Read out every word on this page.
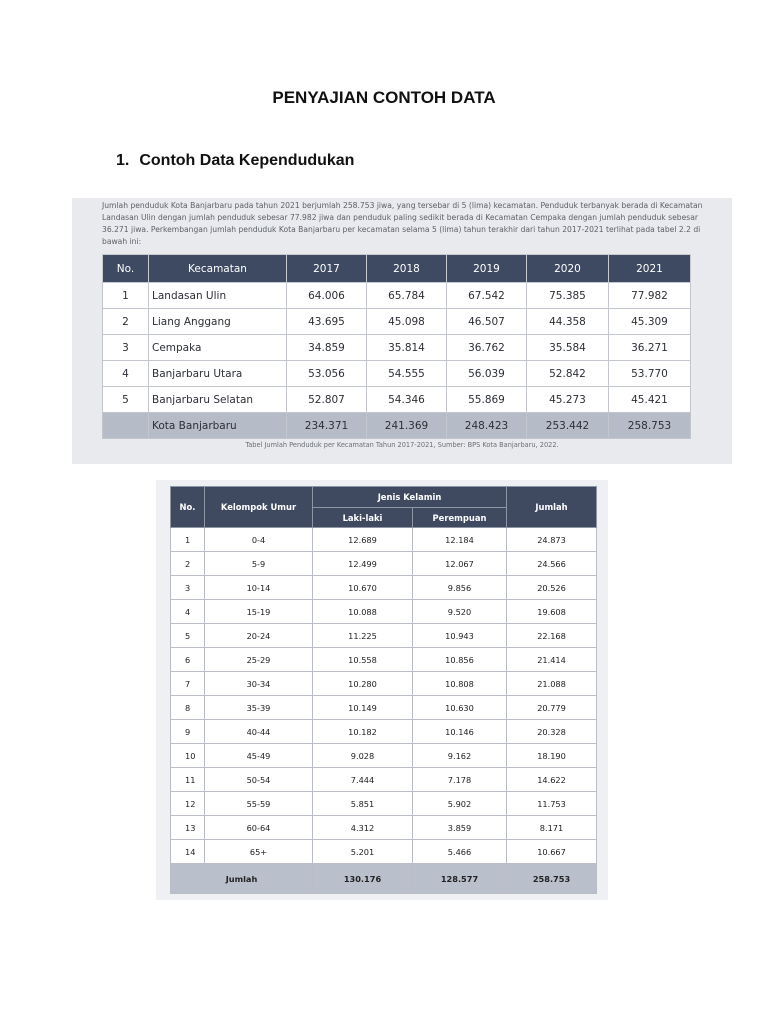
PENYAJIAN CONTOH DATA
1. Contoh Data Kependudukan

Jumlah penduduk Kota Banjarbaru pada tahun 2021 berjumlah 258.753 jiwa, yang tersebar di 5 (lima) kecamatan. Penduduk terbanyak berada di Kecamatan Landasan Ulin dengan jumlah penduduk sebesar 77.982 jiwa dan penduduk paling sedikit berada di Kecamatan Cempaka dengan jumlah penduduk sebesar 36.271 jiwa. Perkembangan jumlah penduduk Kota Banjarbaru per kecamatan selama 5 (lima) tahun terakhir dari tahun 2017-2021 terlihat pada tabel 2.2 di bawah ini:

No.	Kecamatan	2017	2018	2019	2020	2021
1	Landasan Ulin	64.006	65.784	67.542	75.385	77.982
2	Liang Anggang	43.695	45.098	46.507	44.358	45.309
3	Cempaka	34.859	35.814	36.762	35.584	36.271
4	Banjarbaru Utara	53.056	54.555	56.039	52.842	53.770
5	Banjarbaru Selatan	52.807	54.346	55.869	45.273	45.421
	Kota Banjarbaru	234.371	241.369	248.423	253.442	258.753

Tabel Jumlah Penduduk per Kecamatan Tahun 2017-2021, Sumber: BPS Kota Banjarbaru, 2022.

No.	Kelompok Umur	Jenis Kelamin		Jumlah
		Laki-laki	Perempuan	
1	0-4	12.689	12.184	24.873
2	5-9	12.499	12.067	24.566
3	10-14	10.670	9.856	20.526
4	15-19	10.088	9.520	19.608
5	20-24	11.225	10.943	22.168
6	25-29	10.558	10.856	21.414
7	30-34	10.280	10.808	21.088
8	35-39	10.149	10.630	20.779
9	40-44	10.182	10.146	20.328
10	45-49	9.028	9.162	18.190
11	50-54	7.444	7.178	14.622
12	55-59	5.851	5.902	11.753
13	60-64	4.312	3.859	8.171
14	65+	5.201	5.466	10.667
Jumlah		130.176	128.577	258.753
